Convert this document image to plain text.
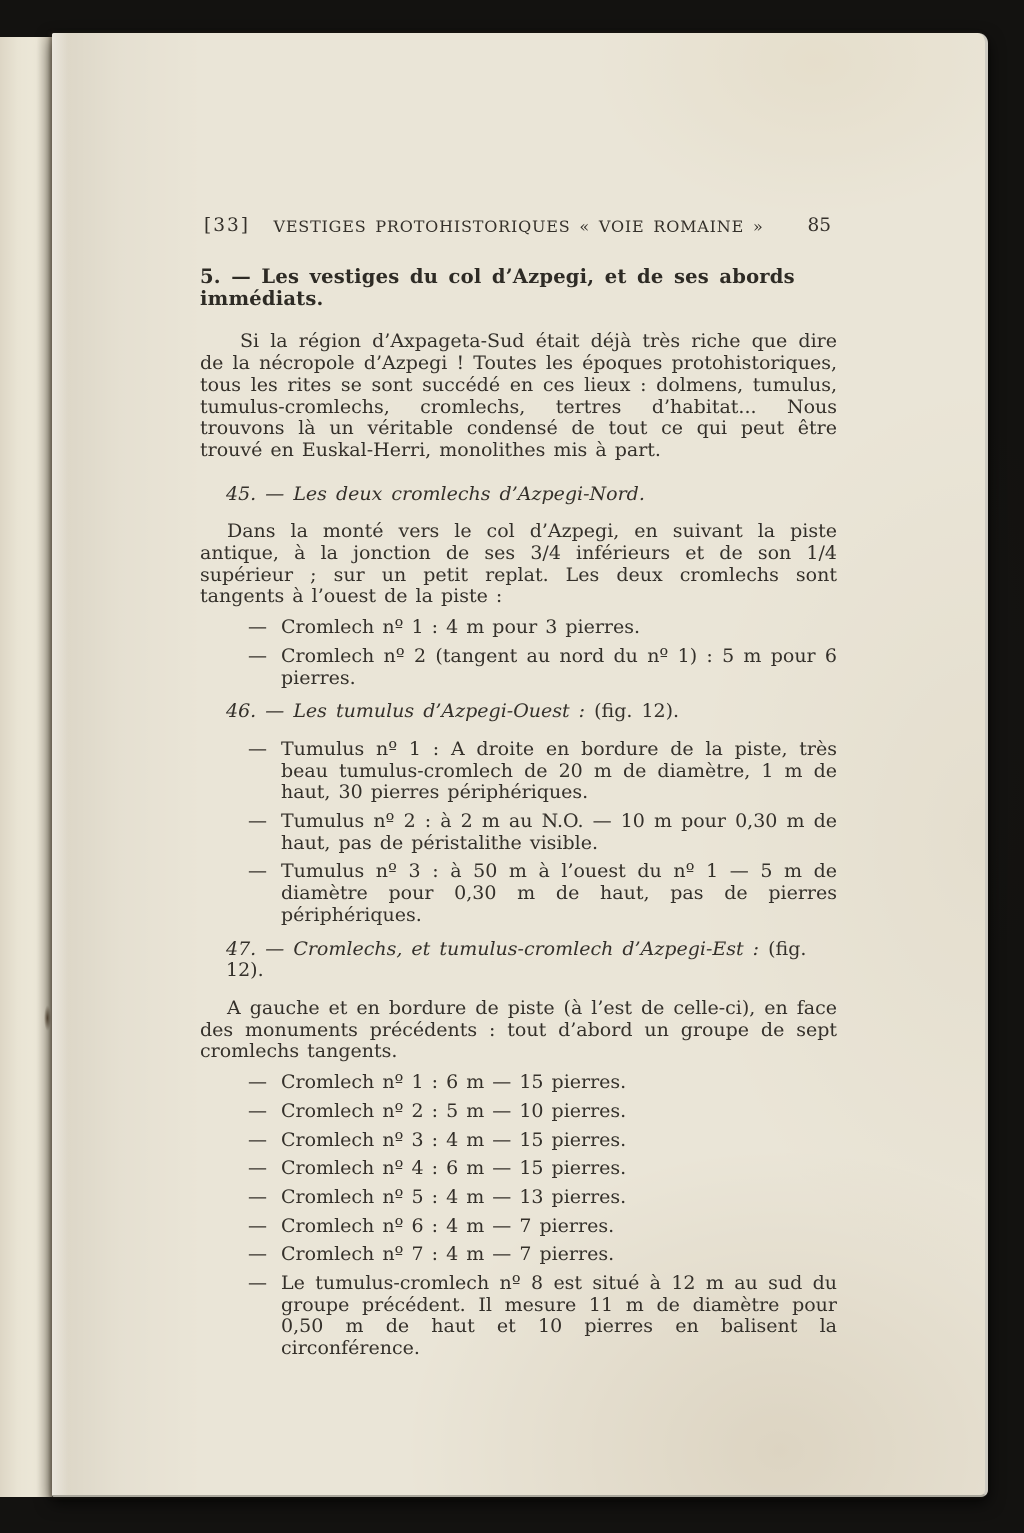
[33] VESTIGES PROTOHISTORIQUES « VOIE ROMAINE » 85
5. — Les vestiges du col d’Azpegi, et de ses abords immédiats.

Si la région d’Axpageta-Sud était déjà très riche que dire de la nécropole d’Azpegi ! Toutes les époques protohistoriques, tous les rites se sont succédé en ces lieux : dolmens, tumulus, tumulus-cromlechs, cromlechs, tertres d’habitat... Nous trouvons là un véritable condensé de tout ce qui peut être trouvé en Euskal-Herri, monolithes mis à part.

45. — Les deux cromlechs d’Azpegi-Nord.

Dans la monté vers le col d’Azpegi, en suivant la piste antique, à la jonction de ses 3/4 inférieurs et de son 1/4 supérieur ; sur un petit replat. Les deux cromlechs sont tangents à l’ouest de la piste :

— Cromlech nº 1 : 4 m pour 3 pierres.
— Cromlech nº 2 (tangent au nord du nº 1) : 5 m pour 6 pierres.
46. — Les tumulus d’Azpegi-Ouest : (fig. 12).
— Tumulus nº 1 : A droite en bordure de la piste, très beau tumulus-cromlech de 20 m de diamètre, 1 m de haut, 30 pierres périphériques.
— Tumulus nº 2 : à 2 m au N.O. — 10 m pour 0,30 m de haut, pas de péristalithe visible.
— Tumulus nº 3 : à 50 m à l’ouest du nº 1 — 5 m de diamètre pour 0,30 m de haut, pas de pierres périphériques.
47. — Cromlechs, et tumulus-cromlech d’Azpegi-Est : (fig. 12).

A gauche et en bordure de piste (à l’est de celle-ci), en face des monuments précédents : tout d’abord un groupe de sept cromlechs tangents.

— Cromlech nº 1 : 6 m — 15 pierres.
— Cromlech nº 2 : 5 m — 10 pierres.
— Cromlech nº 3 : 4 m — 15 pierres.
— Cromlech nº 4 : 6 m — 15 pierres.
— Cromlech nº 5 : 4 m — 13 pierres.
— Cromlech nº 6 : 4 m — 7 pierres.
— Cromlech nº 7 : 4 m — 7 pierres.
— Le tumulus-cromlech nº 8 est situé à 12 m au sud du groupe précédent. Il mesure 11 m de diamètre pour 0,50 m de haut et 10 pierres en balisent la circonférence.
